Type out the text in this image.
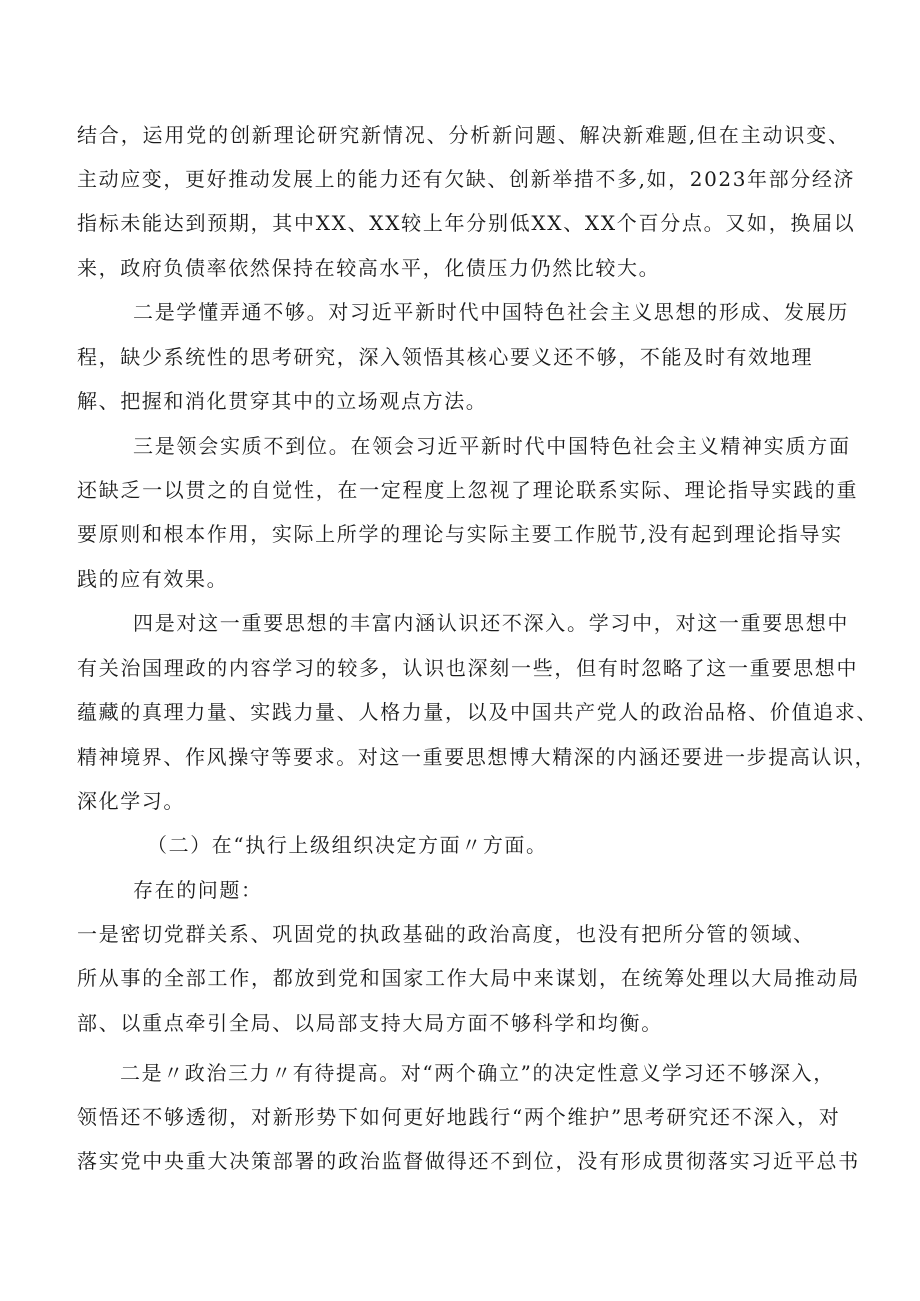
结合，运用党的创新理论研究新情况、分析新问题、解决新难题,但在主动识变、
主动应变，更好推动发展上的能力还有欠缺、创新举措不多,如，2023年部分经济
指标未能达到预期，其中XX、XX较上年分别低XX、XX个百分点。又如，换届以
来，政府负债率依然保持在较高水平，化债压力仍然比较大。
二是学懂弄通不够。对习近平新时代中国特色社会主义思想的形成、发展历
程，缺少系统性的思考研究，深入领悟其核心要义还不够，不能及时有效地理
解、把握和消化贯穿其中的立场观点方法。
三是领会实质不到位。在领会习近平新时代中国特色社会主义精神实质方面
还缺乏一以贯之的自觉性，在一定程度上忽视了理论联系实际、理论指导实践的重
要原则和根本作用，实际上所学的理论与实际主要工作脱节,没有起到理论指导实
践的应有效果。
四是对这一重要思想的丰富内涵认识还不深入。学习中，对这一重要思想中
有关治国理政的内容学习的较多，认识也深刻一些，但有时忽略了这一重要思想中
蕴藏的真理力量、实践力量、人格力量，以及中国共产党人的政治品格、价值追求、
精神境界、作风操守等要求。对这一重要思想博大精深的内涵还要进一步提高认识，
深化学习。
（二）在“执行上级组织决定方面〃方面。
存在的问题：
一是密切党群关系、巩固党的执政基础的政治高度，也没有把所分管的领域、
所从事的全部工作，都放到党和国家工作大局中来谋划，在统筹处理以大局推动局
部、以重点牵引全局、以局部支持大局方面不够科学和均衡。
二是〃政治三力〃有待提高。对“两个确立”的决定性意义学习还不够深入，
领悟还不够透彻，对新形势下如何更好地践行“两个维护”思考研究还不深入，对
落实党中央重大决策部署的政治监督做得还不到位，没有形成贯彻落实习近平总书
